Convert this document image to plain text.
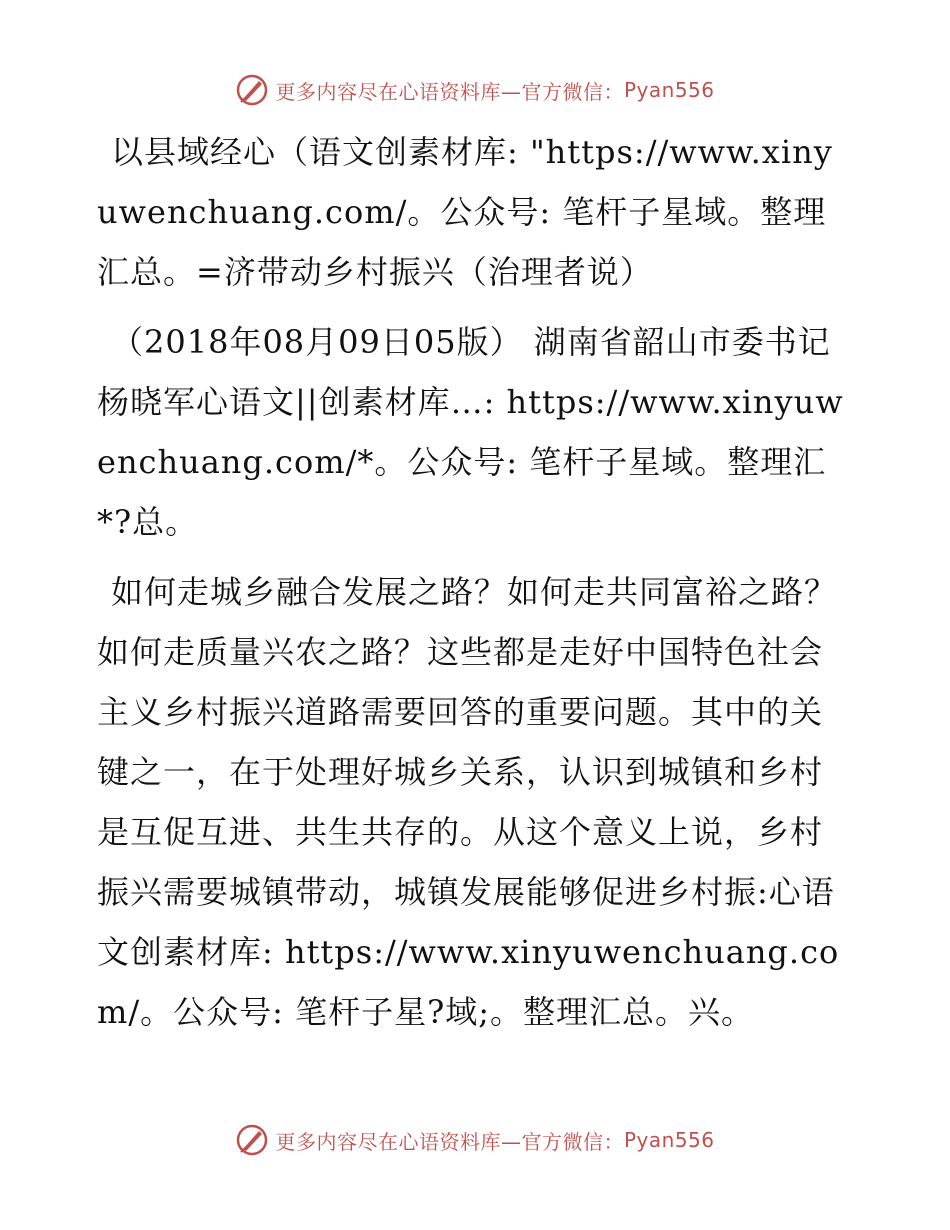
更多内容尽在心语资料库—官方微信： Pyan556

以县域经心（语文创素材库: "https://www.xinyuwenchuang.com/。公众号: 笔杆子星域。整理汇总。=济带动乡村振兴（治理者说）

（2018年08月09日05版） 湖南省韶山市委书记杨晓军心语文||创素材库…: https://www.xinyuwenchuang.com/*。公众号: 笔杆子星域。整理汇*?总。

如何走城乡融合发展之路？如何走共同富裕之路？如何走质量兴农之路？这些都是走好中国特色社会主义乡村振兴道路需要回答的重要问题。其中的关键之一，在于处理好城乡关系，认识到城镇和乡村是互促互进、共生共存的。从这个意义上说，乡村振兴需要城镇带动，城镇发展能够促进乡村振:心语文创素材库: https://www.xinyuwenchuang.com/。公众号: 笔杆子星?域;。整理汇总。兴。

更多内容尽在心语资料库—官方微信： Pyan556
